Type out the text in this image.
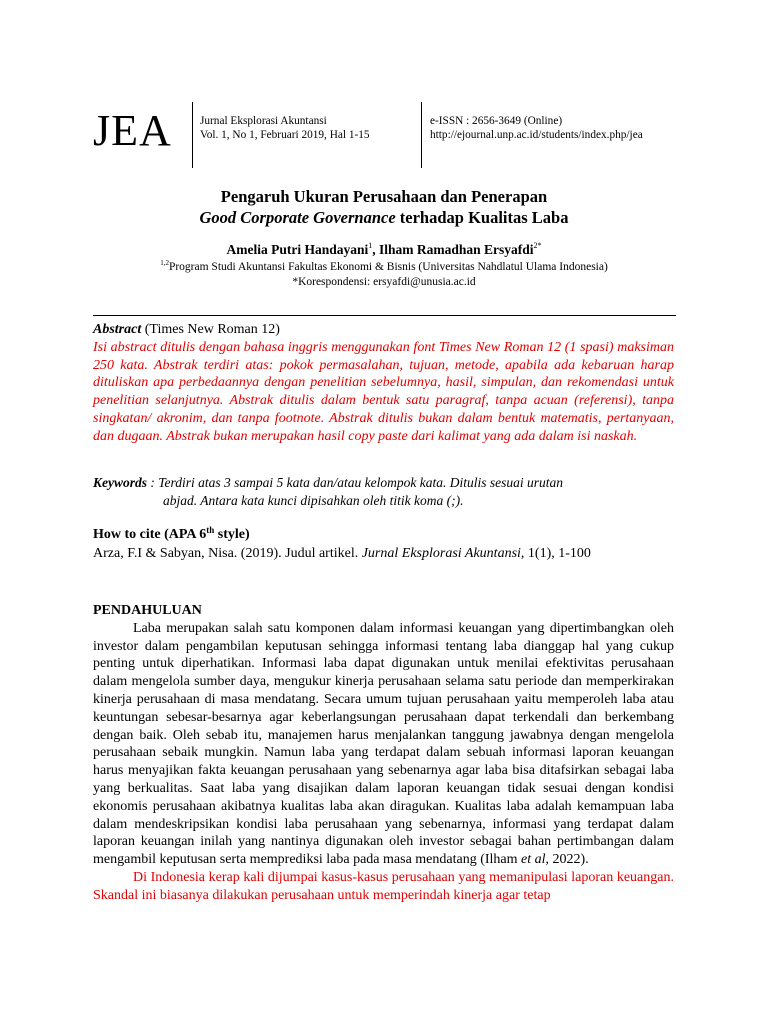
JEA Jurnal Eksplorasi Akuntansi
Vol. 1, No 1, Februari 2019, Hal 1-15
e-ISSN : 2656-3649 (Online)
http://ejournal.unp.ac.id/students/index.php/jea
Pengaruh Ukuran Perusahaan dan Penerapan
Good Corporate Governance terhadap Kualitas Laba
Amelia Putri Handayani$^1$, Ilham Ramadhan Ersyafdi$^{2*}$
$^{1,2}$Program Studi Akuntansi Fakultas Ekonomi & Bisnis (Universitas Nahdlatul Ulama Indonesia)
*Korespondensi: ersyafdi@unusia.ac.id
Abstract (Times New Roman 12)
Isi abstract ditulis dengan bahasa inggris menggunakan font Times New Roman 12 (1 spasi) maksiman 250 kata. Abstrak terdiri atas: pokok permasalahan, tujuan, metode, apabila ada kebaruan harap dituliskan apa perbedaannya dengan penelitian sebelumnya, hasil, simpulan, dan rekomendasi untuk penelitian selanjutnya. Abstrak ditulis dalam bentuk satu paragraf, tanpa acuan (referensi), tanpa singkatan/ akronim, dan tanpa footnote. Abstrak ditulis bukan dalam bentuk matematis, pertanyaan, dan dugaan. Abstrak bukan merupakan hasil copy paste dari kalimat yang ada dalam isi naskah.
Keywords : Terdiri atas 3 sampai 5 kata dan/atau kelompok kata. Ditulis sesuai urutan
abjad. Antara kata kunci dipisahkan oleh titik koma (;).
How to cite (APA 6th style)
Arza, F.I & Sabyan, Nisa. (2019). Judul artikel. Jurnal Eksplorasi Akuntansi, 1(1), 1-100
PENDAHULUAN
Laba merupakan salah satu komponen dalam informasi keuangan yang dipertimbangkan oleh investor dalam pengambilan keputusan sehingga informasi tentang laba dianggap hal yang cukup penting untuk diperhatikan. Informasi laba dapat digunakan untuk menilai efektivitas perusahaan dalam mengelola sumber daya, mengukur kinerja perusahaan selama satu periode dan memperkirakan kinerja perusahaan di masa mendatang. Secara umum tujuan perusahaan yaitu memperoleh laba atau keuntungan sebesar-besarnya agar keberlangsungan perusahaan dapat terkendali dan berkembang dengan baik. Oleh sebab itu, manajemen harus menjalankan tanggung jawabnya dengan mengelola perusahaan sebaik mungkin. Namun laba yang terdapat dalam sebuah informasi laporan keuangan harus menyajikan fakta keuangan perusahaan yang sebenarnya agar laba bisa ditafsirkan sebagai laba yang berkualitas. Saat laba yang disajikan dalam laporan keuangan tidak sesuai dengan kondisi ekonomis perusahaan akibatnya kualitas laba akan diragukan. Kualitas laba adalah kemampuan laba dalam mendeskripsikan kondisi laba perusahaan yang sebenarnya, informasi yang terdapat dalam laporan keuangan inilah yang nantinya digunakan oleh investor sebagai bahan pertimbangan dalam mengambil keputusan serta memprediksi laba pada masa mendatang (Ilham et al, 2022).
Di Indonesia kerap kali dijumpai kasus-kasus perusahaan yang memanipulasi laporan keuangan. Skandal ini biasanya dilakukan perusahaan untuk memperindah kinerja agar tetap
